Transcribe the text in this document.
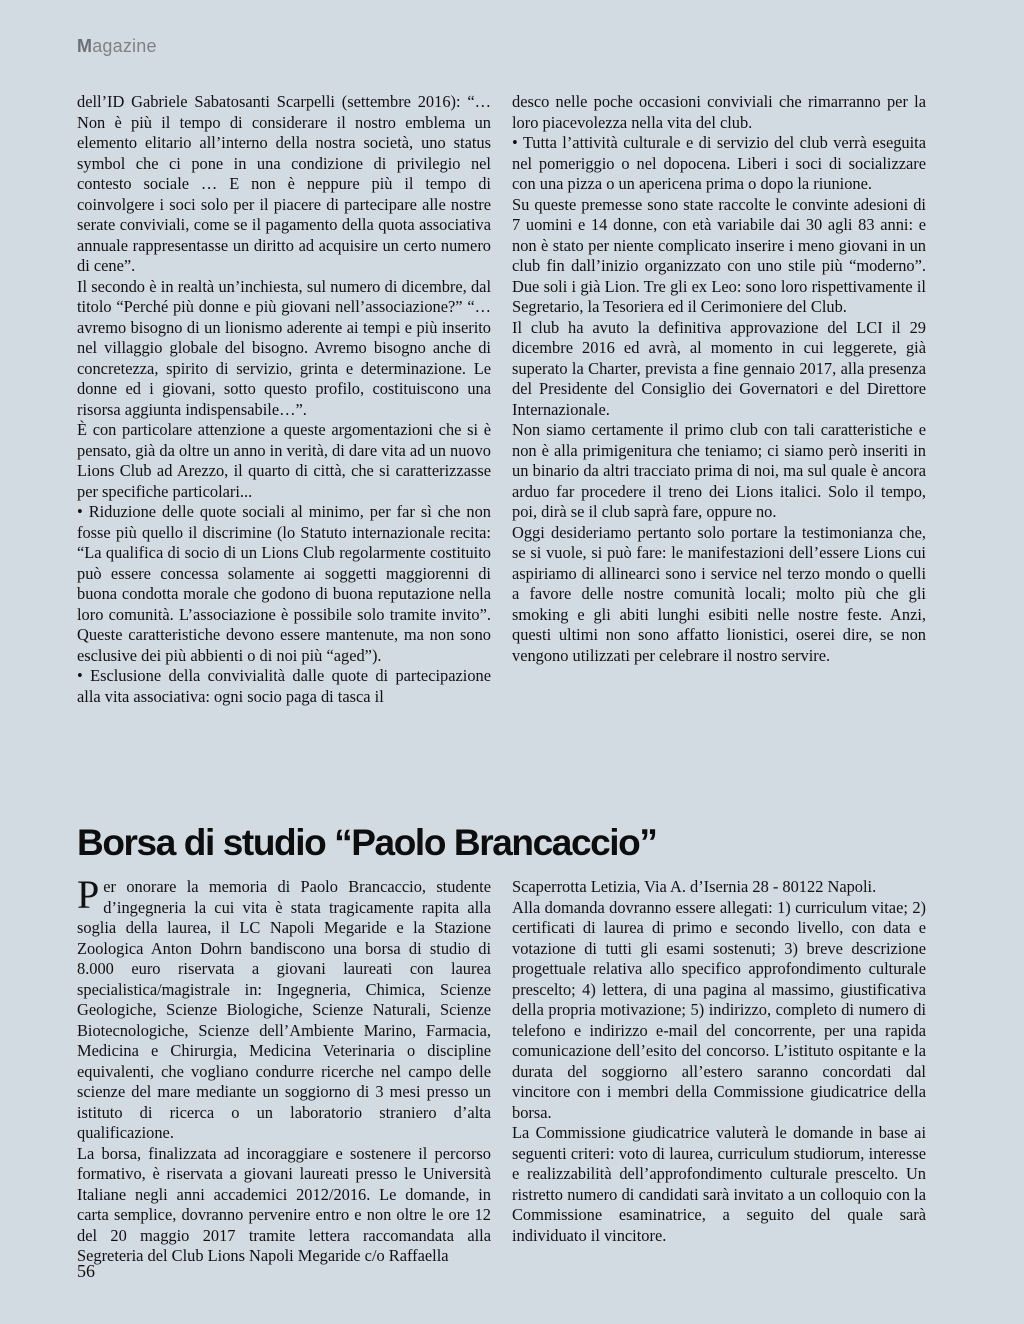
Magazine

dell’ID Gabriele Sabatosanti Scarpelli (settembre 2016): “…Non è più il tempo di considerare il nostro emblema un elemento elitario all’interno della nostra società, uno status symbol che ci pone in una condizione di privilegio nel contesto sociale … E non è neppure più il tempo di coinvolgere i soci solo per il piacere di partecipare alle nostre serate conviviali, come se il pagamento della quota associativa annuale rappresentasse un diritto ad acquisire un certo numero di cene”.

Il secondo è in realtà un’inchiesta, sul numero di dicembre, dal titolo “Perché più donne e più giovani nell’associazione?” “…avremo bisogno di un lionismo aderente ai tempi e più inserito nel villaggio globale del bisogno. Avremo bisogno anche di concretezza, spirito di servizio, grinta e determinazione. Le donne ed i giovani, sotto questo profilo, costituiscono una risorsa aggiunta indispensabile…”.

È con particolare attenzione a queste argomentazioni che si è pensato, già da oltre un anno in verità, di dare vita ad un nuovo Lions Club ad Arezzo, il quarto di città, che si caratterizzasse per specifiche particolari...

• Riduzione delle quote sociali al minimo, per far sì che non fosse più quello il discrimine (lo Statuto internazionale recita: “La qualifica di socio di un Lions Club regolarmente costituito può essere concessa solamente ai soggetti maggiorenni di buona condotta morale che godono di buona reputazione nella loro comunità. L’associazione è possibile solo tramite invito”. Queste caratteristiche devono essere mantenute, ma non sono esclusive dei più abbienti o di noi più “aged”).

• Esclusione della convivialità dalle quote di partecipazione alla vita associativa: ogni socio paga di tasca il

desco nelle poche occasioni conviviali che rimarranno per la loro piacevolezza nella vita del club.

• Tutta l’attività culturale e di servizio del club verrà eseguita nel pomeriggio o nel dopocena. Liberi i soci di socializzare con una pizza o un apericena prima o dopo la riunione.

Su queste premesse sono state raccolte le convinte adesioni di 7 uomini e 14 donne, con età variabile dai 30 agli 83 anni: e non è stato per niente complicato inserire i meno giovani in un club fin dall’inizio organizzato con uno stile più “moderno”. Due soli i già Lion. Tre gli ex Leo: sono loro rispettivamente il Segretario, la Tesoriera ed il Cerimoniere del Club.

Il club ha avuto la definitiva approvazione del LCI il 29 dicembre 2016 ed avrà, al momento in cui leggerete, già superato la Charter, prevista a fine gennaio 2017, alla presenza del Presidente del Consiglio dei Governatori e del Direttore Internazionale.

Non siamo certamente il primo club con tali caratteristiche e non è alla primigenitura che teniamo; ci siamo però inseriti in un binario da altri tracciato prima di noi, ma sul quale è ancora arduo far procedere il treno dei Lions italici. Solo il tempo, poi, dirà se il club saprà fare, oppure no.

Oggi desideriamo pertanto solo portare la testimonianza che, se si vuole, si può fare: le manifestazioni dell’essere Lions cui aspiriamo di allinearci sono i service nel terzo mondo o quelli a favore delle nostre comunità locali; molto più che gli smoking e gli abiti lunghi esibiti nelle nostre feste. Anzi, questi ultimi non sono affatto lionistici, oserei dire, se non vengono utilizzati per celebrare il nostro servire.

Borsa di studio “Paolo Brancaccio”

Per onorare la memoria di Paolo Brancaccio, studente d’ingegneria la cui vita è stata tragicamente rapita alla soglia della laurea, il LC Napoli Megaride e la Stazione Zoologica Anton Dohrn bandiscono una borsa di studio di 8.000 euro riservata a giovani laureati con laurea specialistica/magistrale in: Ingegneria, Chimica, Scienze Geologiche, Scienze Biologiche, Scienze Naturali, Scienze Biotecnologiche, Scienze dell’Ambiente Marino, Farmacia, Medicina e Chirurgia, Medicina Veterinaria o discipline equivalenti, che vogliano condurre ricerche nel campo delle scienze del mare mediante un soggiorno di 3 mesi presso un istituto di ricerca o un laboratorio straniero d’alta qualificazione.

La borsa, finalizzata ad incoraggiare e sostenere il percorso formativo, è riservata a giovani laureati presso le Università Italiane negli anni accademici 2012/2016. Le domande, in carta semplice, dovranno pervenire entro e non oltre le ore 12 del 20 maggio 2017 tramite lettera raccomandata alla Segreteria del Club Lions Napoli Megaride c/o Raffaella

Scaperrotta Letizia, Via A. d’Isernia 28 - 80122 Napoli.

Alla domanda dovranno essere allegati: 1) curriculum vitae; 2) certificati di laurea di primo e secondo livello, con data e votazione di tutti gli esami sostenuti; 3) breve descrizione progettuale relativa allo specifico approfondimento culturale prescelto; 4) lettera, di una pagina al massimo, giustificativa della propria motivazione; 5) indirizzo, completo di numero di telefono e indirizzo e-mail del concorrente, per una rapida comunicazione dell’esito del concorso. L’istituto ospitante e la durata del soggiorno all’estero saranno concordati dal vincitore con i membri della Commissione giudicatrice della borsa.

La Commissione giudicatrice valuterà le domande in base ai seguenti criteri: voto di laurea, curriculum studiorum, interesse e realizzabilità dell’approfondimento culturale prescelto. Un ristretto numero di candidati sarà invitato a un colloquio con la Commissione esaminatrice, a seguito del quale sarà individuato il vincitore.

56
